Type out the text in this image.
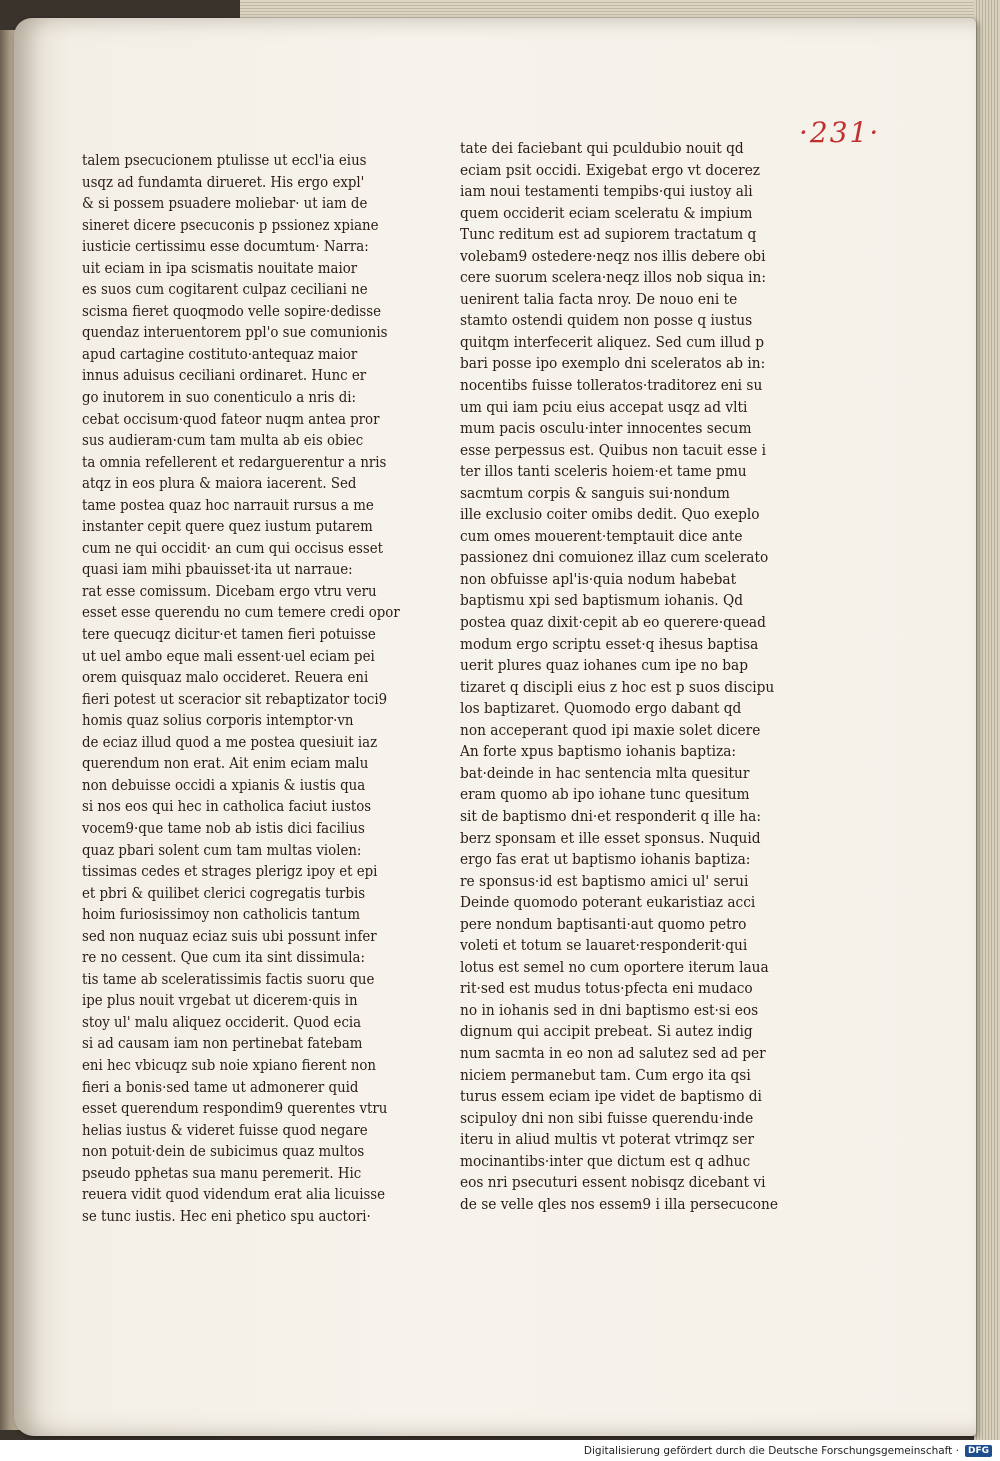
·231·
talem psecucionem ptulisse ut eccl'ia eius
usqz ad fundamta dirueret. His ergo expl'
& si possem psuadere moliebar· ut iam de
sineret dicere psecuconis p pssionez xpiane
iusticie certissimu esse documtum· Narra:
uit eciam in ipa scismatis nouitate maior
es suos cum cogitarent culpaz ceciliani ne
scisma fieret quoqmodo velle sopire·dedisse
quendaz interuentorem ppl'o sue comunionis
apud cartagine costituto·antequaz maior
innus aduisus ceciliani ordinaret. Hunc er
go inutorem in suo conenticulo a nris di:
cebat occisum·quod fateor nuqm antea pror
sus audieram·cum tam multa ab eis obiec
ta omnia refellerent et redarguerentur a nris
atqz in eos plura & maiora iacerent. Sed
tame postea quaz hoc narrauit rursus a me
instanter cepit quere quez iustum putarem
cum ne qui occidit· an cum qui occisus esset
quasi iam mihi pbauisset·ita ut narraue:
rat esse comissum. Dicebam ergo vtru veru
esset esse querendu no cum temere credi opor
tere quecuqz dicitur·et tamen fieri potuisse
ut uel ambo eque mali essent·uel eciam pei
orem quisquaz malo occideret. Reuera eni
fieri potest ut sceracior sit rebaptizator toci9
homis quaz solius corporis intemptor·vn
de eciaz illud quod a me postea quesiuit iaz
querendum non erat. Ait enim eciam malu
non debuisse occidi a xpianis & iustis qua
si nos eos qui hec in catholica faciut iustos
vocem9·que tame nob ab istis dici facilius
quaz pbari solent cum tam multas violen:
tissimas cedes et strages plerigz ipoy et epi
et pbri & quilibet clerici cogregatis turbis
hoim furiosissimoy non catholicis tantum
sed non nuquaz eciaz suis ubi possunt infer
re no cessent. Que cum ita sint dissimula:
tis tame ab sceleratissimis factis suoru que
ipe plus nouit vrgebat ut dicerem·quis in
stoy ul' malu aliquez occiderit. Quod ecia
si ad causam iam non pertinebat fatebam
eni hec vbicuqz sub noie xpiano fierent non
fieri a bonis·sed tame ut admonerer quid
esset querendum respondim9 querentes vtru
helias iustus & videret fuisse quod negare
non potuit·dein de subicimus quaz multos
pseudo pphetas sua manu peremerit. Hic
reuera vidit quod videndum erat alia licuisse
se tunc iustis. Hec eni phetico spu auctori·
tate dei faciebant qui pculdubio nouit qd
eciam psit occidi. Exigebat ergo vt docerez
iam noui testamenti tempibs·qui iustoy ali
quem occiderit eciam sceleratu & impium
Tunc reditum est ad supiorem tractatum q
volebam9 ostedere·neqz nos illis debere obi
cere suorum scelera·neqz illos nob siqua in:
uenirent talia facta nroy. De nouo eni te
stamto ostendi quidem non posse q iustus
quitqm interfecerit aliquez. Sed cum illud p
bari posse ipo exemplo dni sceleratos ab in:
nocentibs fuisse tolleratos·traditorez eni su
um qui iam pciu eius accepat usqz ad vlti
mum pacis osculu·inter innocentes secum
esse perpessus est. Quibus non tacuit esse i
ter illos tanti sceleris hoiem·et tame pmu
sacmtum corpis & sanguis sui·nondum
ille exclusio coiter omibs dedit. Quo exeplo
cum omes mouerent·temptauit dice ante
passionez dni comuionez illaz cum scelerato
non obfuisse apl'is·quia nodum habebat
baptismu xpi sed baptismum iohanis. Qd
postea quaz dixit·cepit ab eo querere·quead
modum ergo scriptu esset·q ihesus baptisa
uerit plures quaz iohanes cum ipe no bap
tizaret q discipli eius z hoc est p suos discipu
los baptizaret. Quomodo ergo dabant qd
non acceperant quod ipi maxie solet dicere
An forte xpus baptismo iohanis baptiza:
bat·deinde in hac sentencia mlta quesitur
eram quomo ab ipo iohane tunc quesitum
sit de baptismo dni·et responderit q ille ha:
berz sponsam et ille esset sponsus. Nuquid
ergo fas erat ut baptismo iohanis baptiza:
re sponsus·id est baptismo amici ul' serui
Deinde quomodo poterant eukaristiaz acci
pere nondum baptisanti·aut quomo petro
voleti et totum se lauaret·responderit·qui
lotus est semel no cum oportere iterum laua
rit·sed est mudus totus·pfecta eni mudaco
no in iohanis sed in dni baptismo est·si eos
dignum qui accipit prebeat. Si autez indig
num sacmta in eo non ad salutez sed ad per
niciem permanebut tam. Cum ergo ita qsi
turus essem eciam ipe videt de baptismo di
scipuloy dni non sibi fuisse querendu·inde
iteru in aliud multis vt poterat vtrimqz ser
mocinantibs·inter que dictum est q adhuc
eos nri psecuturi essent nobisqz dicebant vi
de se velle qles nos essem9 i illa persecucone
Digitalisierung gefördert durch die Deutsche Forschungsgemeinschaft ·	DFG
